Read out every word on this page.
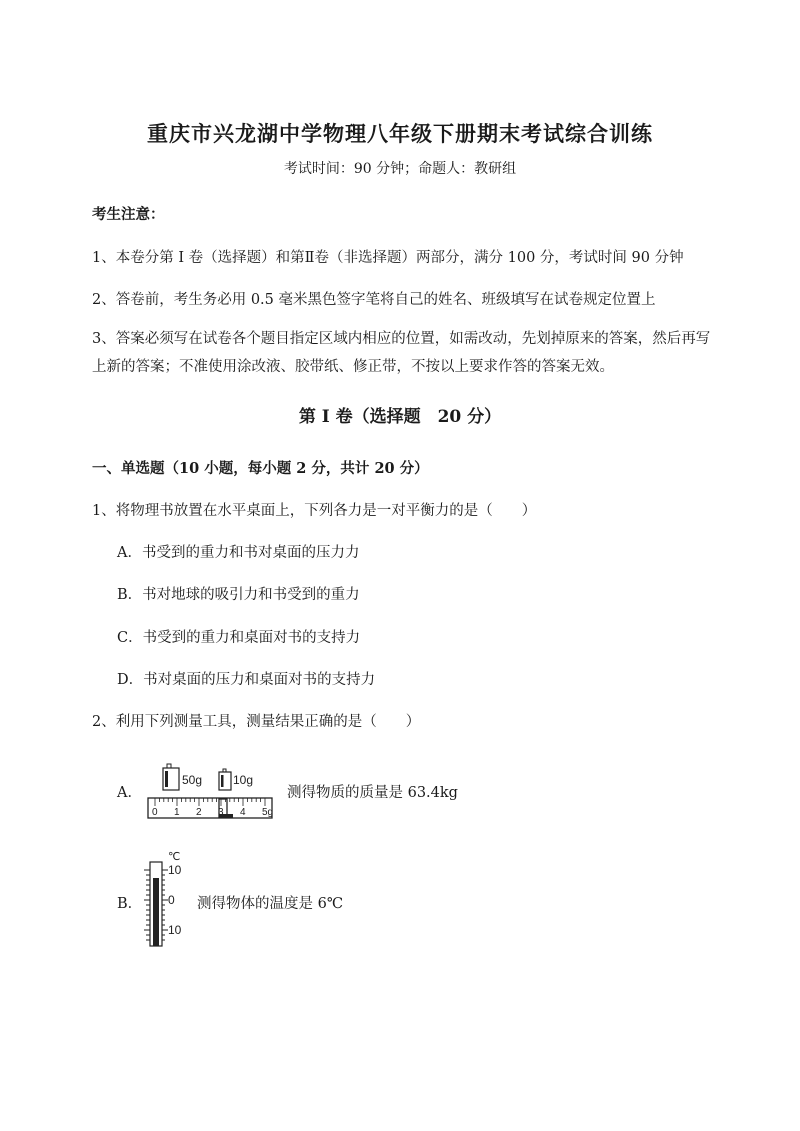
重庆市兴龙湖中学物理八年级下册期末考试综合训练
考试时间：90 分钟；命题人：教研组
考生注意：
1、本卷分第 I 卷（选择题）和第Ⅱ卷（非选择题）两部分，满分 100 分，考试时间 90 分钟
2、答卷前，考生务必用 0.5 毫米黑色签字笔将自己的姓名、班级填写在试卷规定位置上
3、答案必须写在试卷各个题目指定区域内相应的位置，如需改动，先划掉原来的答案，然后再写上新的答案；不准使用涂改液、胶带纸、修正带，不按以上要求作答的答案无效。
第 I 卷（选择题　20 分）
一、单选题（10 小题，每小题 2 分，共计 20 分）
1、将物理书放置在水平桌面上，下列各力是一对平衡力的是（　　）
A．书受到的重力和书对桌面的压力力
B．书对地球的吸引力和书受到的重力
C．书受到的重力和桌面对书的支持力
D．书对桌面的压力和桌面对书的支持力
2、利用下列测量工具，测量结果正确的是（　　）
A．
50g	10g
0 1 2 3 4 5g
测得物质的质量是 63.4kg
B．
℃
10
0
10
测得物体的温度是 6℃
